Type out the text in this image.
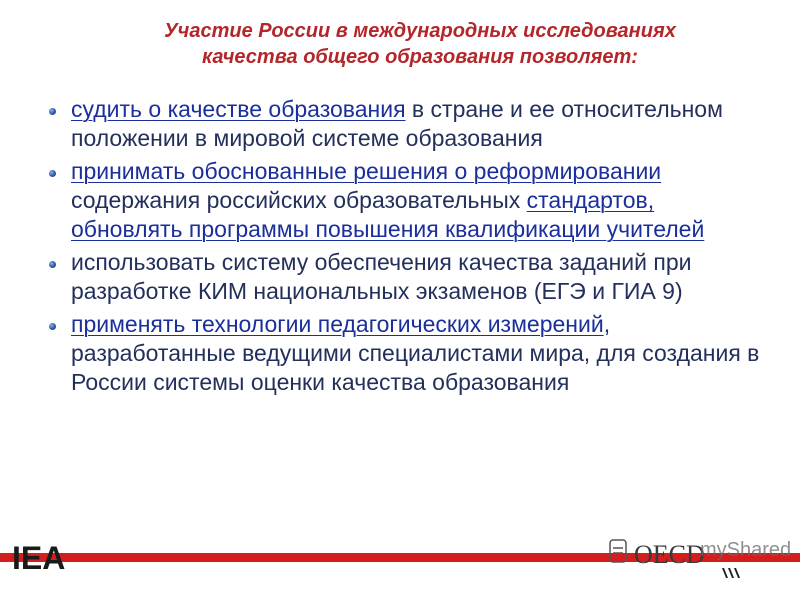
Участие России в международных исследованиях
качества общего образования позволяет:
судить о качестве образования в стране и ее относительном положении в мировой системе образования
принимать обоснованные решения о реформировании содержания российских образовательных стандартов, обновлять программы повышения квалификации учителей
использовать систему обеспечения качества заданий при разработке КИМ национальных экзаменов (ЕГЭ и ГИА 9)
применять технологии педагогических измерений, разработанные ведущими специалистами мира, для создания в России системы оценки качества образования
IEA	OECD
myShared
